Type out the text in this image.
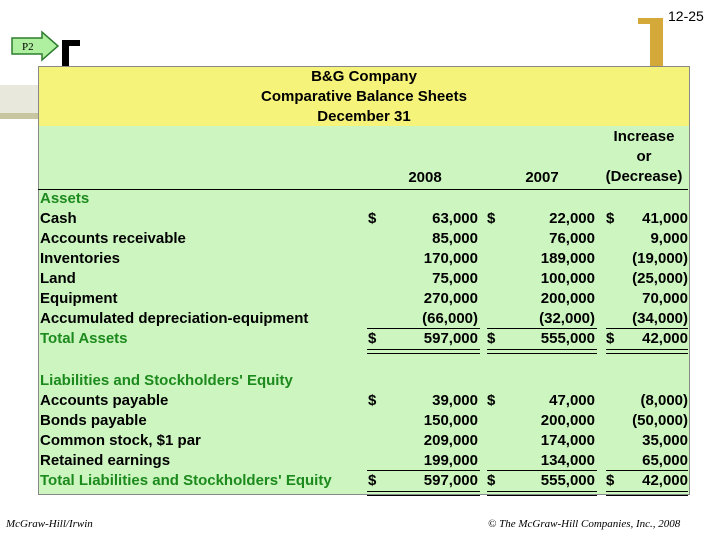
12-25
P2
B&G Company
Comparative Balance Sheets
December 31
Increase
or
(Decrease)
2008	2007
Assets
Cash	$	63,000 $	22,000 $	41,000
Accounts receivable	85,000	76,000	9,000
Inventories	170,000	189,000	(19,000)
Land	75,000	100,000	(25,000)
Equipment	270,000	200,000	70,000
Accumulated depreciation-equipment	(66,000)	(32,000)	(34,000)
Total Assets	$	597,000 $	555,000 $	42,000
Accounts payable	$	39,000 $	47,000	(8,000)
Bonds payable	150,000	200,000	(50,000)
Common stock, $1 par	209,000	174,000	35,000
Retained earnings	199,000	134,000	65,000
Total Liabilities and Stockholders' Equity	$	597,000 $	555,000 $	42,000
Liabilities and Stockholders' Equity
McGraw-Hill/Irwin	© The McGraw-Hill Companies, Inc., 2008
